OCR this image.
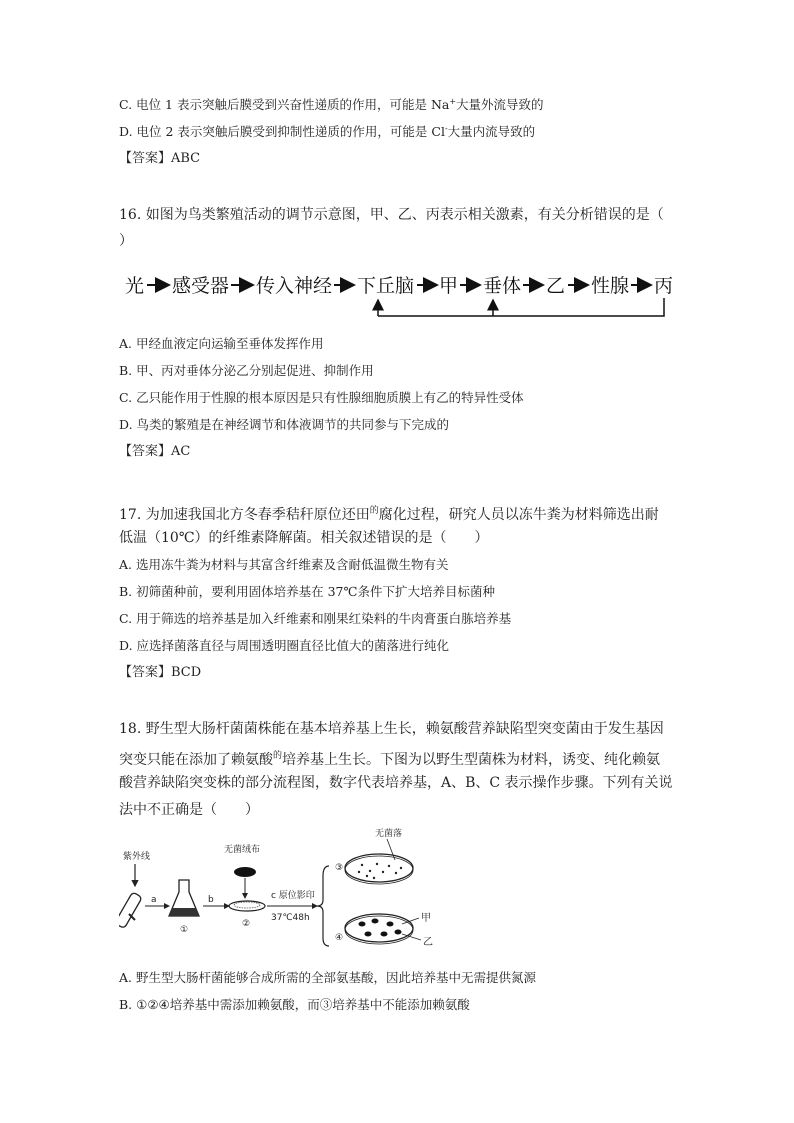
C. 电位 1 表示突触后膜受到兴奋性递质的作用，可能是 Na+大量外流导致的
D. 电位 2 表示突触后膜受到抑制性递质的作用，可能是 Cl-大量内流导致的
【答案】ABC
16. 如图为鸟类繁殖活动的调节示意图，甲、乙、丙表示相关激素，有关分析错误的是（
）
光 感受器 传入神经 下丘脑 甲 垂体 乙 性腺 丙
A. 甲经血液定向运输至垂体发挥作用
B. 甲、丙对垂体分泌乙分别起促进、抑制作用
C. 乙只能作用于性腺的根本原因是只有性腺细胞质膜上有乙的特异性受体
D. 鸟类的繁殖是在神经调节和体液调节的共同参与下完成的
【答案】AC
17. 为加速我国北方冬春季秸秆原位还田$^的$腐化过程，研究人员以冻牛粪为材料筛选出耐
低温（10℃）的纤维素降解菌。相关叙述错误的是（　　）
A. 选用冻牛粪为材料与其富含纤维素及含耐低温微生物有关
B. 初筛菌种前，要利用固体培养基在 37℃条件下扩大培养目标菌种
C. 用于筛选的培养基是加入纤维素和刚果红染料的牛肉膏蛋白胨培养基
D. 应选择菌落直径与周围透明圈直径比值大的菌落进行纯化
【答案】BCD
18. 野生型大肠杆菌菌株能在基本培养基上生长，赖氨酸营养缺陷型突变菌由于发生基因
突变只能在添加了赖氨酸$^的$培养基上生长。下图为以野生型菌株为材料，诱变、纯化赖氨
酸营养缺陷突变株的部分流程图，数字代表培养基，A、B、C 表示操作步骤。下列有关说
法中不正确是（　　）
紫外线
a
①
b
无菌绒布
②
c 原位影印
37℃48h
③
无菌落
④
甲
乙
A. 野生型大肠杆菌能够合成所需的全部氨基酸，因此培养基中无需提供氮源
B. ①②④培养基中需添加赖氨酸，而③培养基中不能添加赖氨酸
